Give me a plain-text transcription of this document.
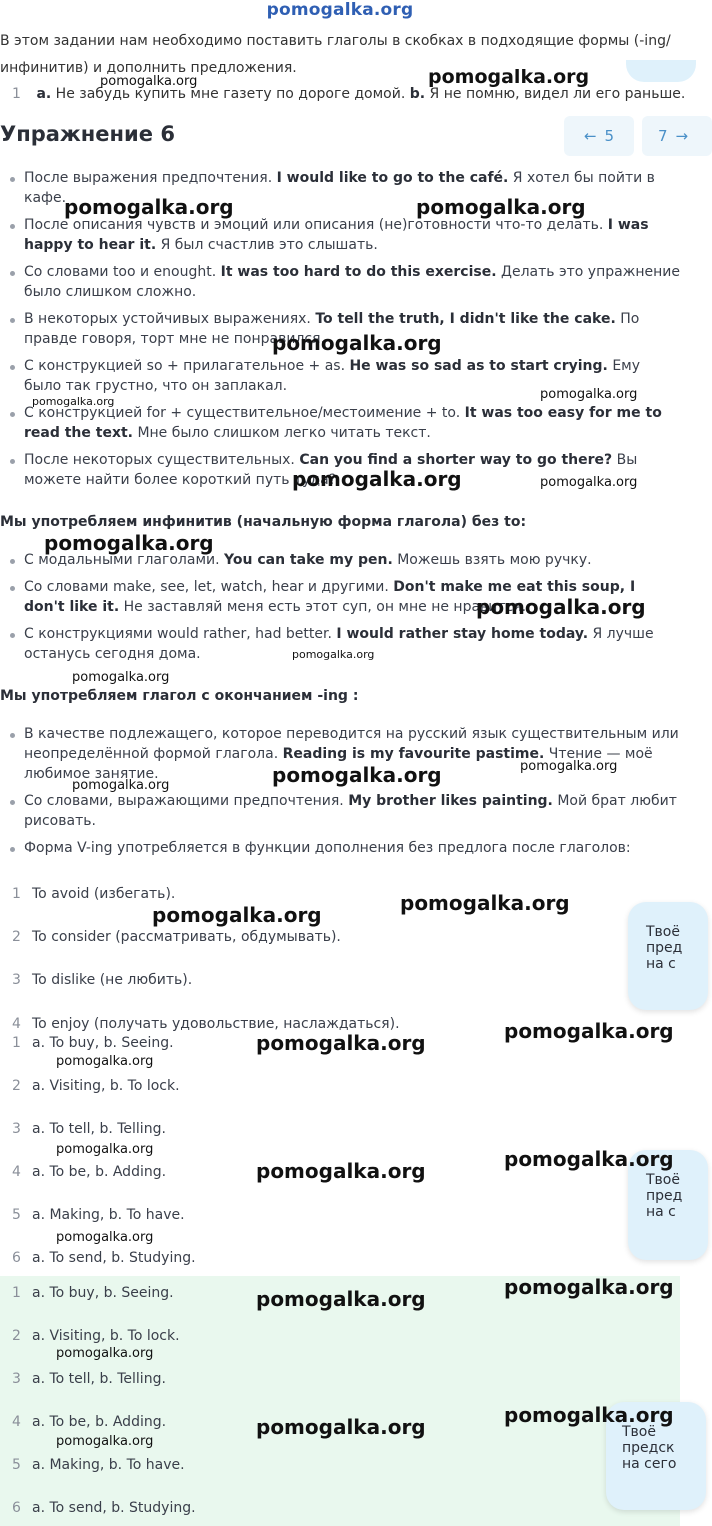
pomogalka.org
В этом задании нам необходимо поставить глаголы в скобках в подходящие формы (-ing/инфинитив) и дополнить предложения.
1 a. Не забудь купить мне газету по дороге домой. b. Я не помню, видел ли его раньше.
Упражнение 6	← 5	7 →
После выражения предпочтения. I would like to go to the café. Я хотел бы пойти в кафе.
После описания чувств и эмоций или описания (не)готовности что-то делать. I was happy to hear it. Я был счастлив это слышать.
Со словами too и enought. It was too hard to do this exercise. Делать это упражнение было слишком сложно.
В некоторых устойчивых выражениях. To tell the truth, I didn't like the cake. По правде говоря, торт мне не понравился.
С конструкцией so + прилагательное + as. He was so sad as to start crying. Ему было так грустно, что он заплакал.
С конструкцией for + существительное/местоимение + to. It was too easy for me to read the text. Мне было слишком легко читать текст.
После некоторых существительных. Can you find a shorter way to go there? Вы можете найти более короткий путь туда?
Мы употребляем инфинитив (начальную форма глагола) без to:
С модальными глаголами. You can take my pen. Можешь взять мою ручку.
Со словами make, see, let, watch, hear и другими. Don't make me eat this soup, I don't like it. Не заставляй меня есть этот суп, он мне не нравится.
С конструкциями would rather, had better. I would rather stay home today. Я лучше останусь сегодня дома.
Мы употребляем глагол с окончанием -ing :
В качестве подлежащего, которое переводится на русский язык существительным или неопределённой формой глагола. Reading is my favourite pastime. Чтение — моё любимое занятие.
Со словами, выражающими предпочтения. My brother likes painting. Мой брат любит рисовать.
Форма V-ing употребляется в функции дополнения без предлога после глаголов:
1 To avoid (избегать).
2 To consider (рассматривать, обдумывать).
3 To dislike (не любить).
4 To enjoy (получать удовольствие, наслаждаться).
1 a. To buy, b. Seeing.
2 a. Visiting, b. To lock.
3 a. To tell, b. Telling.
4 a. To be, b. Adding.
5 a. Making, b. To have.
6 a. To send, b. Studying.
1 a. To buy, b. Seeing.
2 a. Visiting, b. To lock.
3 a. To tell, b. Telling.
4 a. To be, b. Adding.
5 a. Making, b. To have.
6 a. To send, b. Studying.
Твоё
пред
на с
Твоё
пред
на с
Твоё
предск
на сего
pomogalka.org	pomogalka.org
pomogalka.org	pomogalka.org
pomogalka.org
pomogalka.org	pomogalka.org
pomogalka.org	pomogalka.org
pomogalka.org
pomogalka.org
pomogalka.org
pomogalka.org
pomogalka.org	pomogalka.org
pomogalka.org
pomogalka.org
pomogalka.org
pomogalka.org
pomogalka.org
pomogalka.org
pomogalka.org	pomogalka.org
pomogalka.org
pomogalka.org
pomogalka.org
pomogalka.org
pomogalka.org
pomogalka.org
pomogalka.org
pomogalka.org
